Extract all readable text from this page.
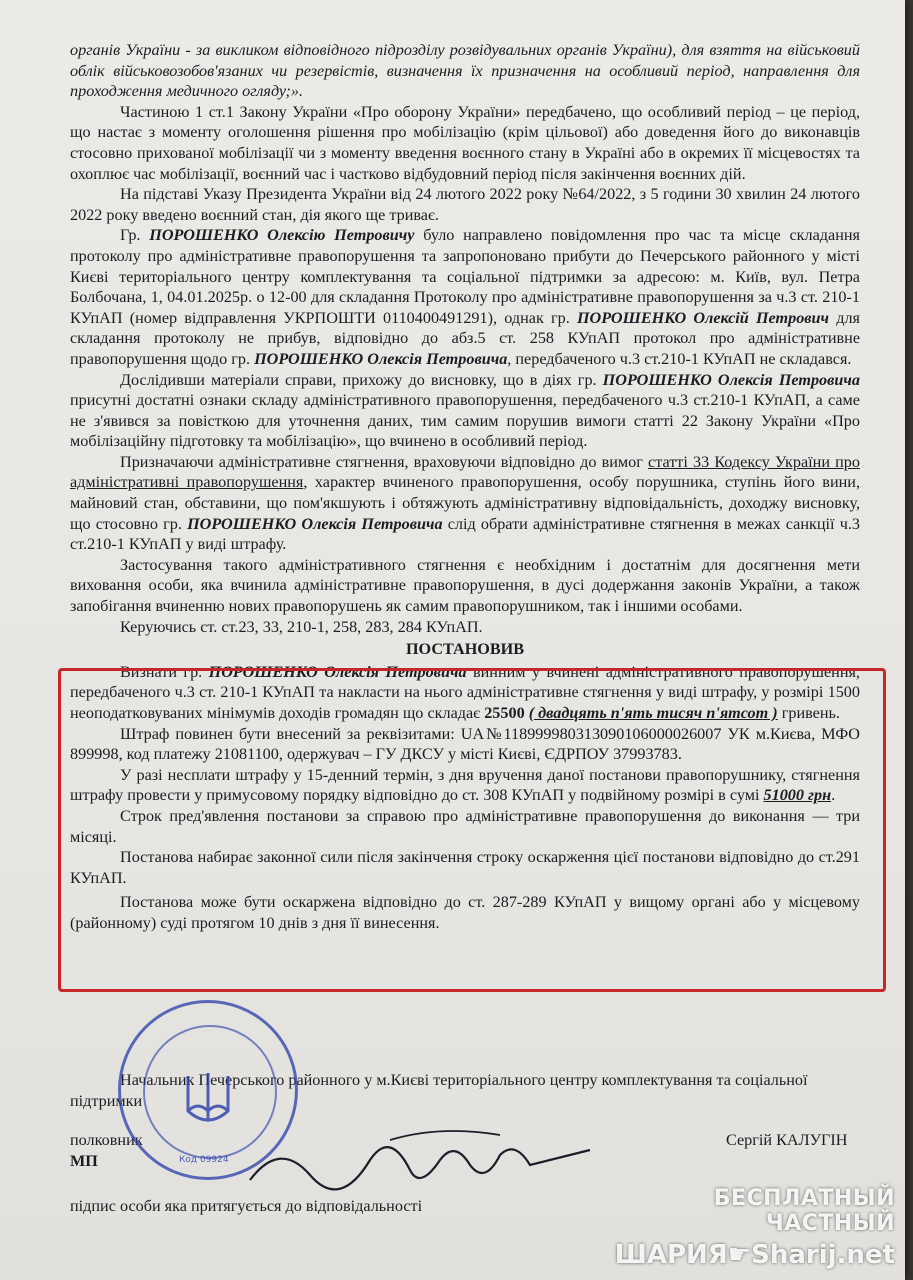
органів України - за викликом відповідного підрозділу розвідувальних органів України), для взяття на військовий облік військовозобов'язаних чи резервістів, визначення їх призначення на особливий період, направлення для проходження медичного огляду;».

Частиною 1 ст.1 Закону України «Про оборону України» передбачено, що особливий період – це період, що настає з моменту оголошення рішення про мобілізацію (крім цільової) або доведення його до виконавців стосовно прихованої мобілізації чи з моменту введення воєнного стану в Україні або в окремих її місцевостях та охоплює час мобілізації, воєнний час і частково відбудовний період після закінчення воєнних дій.

На підставі Указу Президента України від 24 лютого 2022 року №64/2022, з 5 години 30 хвилин 24 лютого 2022 року введено воєнний стан, дія якого ще триває.

Гр. ПОРОШЕНКО Олексію Петровичу було направлено повідомлення про час та місце складання протоколу про адміністративне правопорушення та запропоновано прибути до Печерського районного у місті Києві територіального центру комплектування та соціальної підтримки за адресою: м. Київ, вул. Петра Болбочана, 1, 04.01.2025р. о 12-00 для складання Протоколу про адміністративне правопорушення за ч.3 ст. 210-1 КУпАП (номер відправлення УКРПОШТИ 0110400491291), однак гр. ПОРОШЕНКО Олексій Петрович для складання протоколу не прибув, відповідно до абз.5 ст. 258 КУпАП протокол про адміністративне правопорушення щодо гр. ПОРОШЕНКО Олексія Петровича, передбаченого ч.3 ст.210-1 КУпАП не складався.

Дослідивши матеріали справи, прихожу до висновку, що в діях гр. ПОРОШЕНКО Олексія Петровича присутні достатні ознаки складу адміністративного правопорушення, передбаченого ч.3 ст.210-1 КУпАП, а саме не з'явився за повісткою для уточнення даних, тим самим порушив вимоги статті 22 Закону України «Про мобілізаційну підготовку та мобілізацію», що вчинено в особливий період.

Призначаючи адміністративне стягнення, враховуючи відповідно до вимог статті 33 Кодексу України про адміністративні правопорушення, характер вчиненого правопорушення, особу порушника, ступінь його вини, майновий стан, обставини, що пом'якшують і обтяжують адміністративну відповідальність, доходжу висновку, що стосовно гр. ПОРОШЕНКО Олексія Петровича слід обрати адміністративне стягнення в межах санкції ч.3 ст.210-1 КУпАП у виді штрафу.

Застосування такого адміністративного стягнення є необхідним і достатнім для досягнення мети виховання особи, яка вчинила адміністративне правопорушення, в дусі додержання законів України, а також запобігання вчиненню нових правопорушень як самим правопорушником, так і іншими особами.

Керуючись ст. ст.23, 33, 210-1, 258, 283, 284 КУпАП.

ПОСТАНОВИВ

Визнати гр. ПОРОШЕНКО Олексія Петровича винним у вчинені адміністративного правопорушення, передбаченого ч.3 ст. 210-1 КУпАП та накласти на нього адміністративне стягнення у виді штрафу, у розмірі 1500 неоподатковуваних мінімумів доходів громадян що складає 25500 ( двадцять п'ять тисяч п'ятсот ) гривень.

Штраф повинен бути внесений за реквізитами: UA№118999980313090106000026007 УК м.Києва, МФО 899998, код платежу 21081100, одержувач – ГУ ДКСУ у місті Києві, ЄДРПОУ 37993783.

У разі несплати штрафу у 15-денний термін, з дня вручення даної постанови правопорушнику, стягнення штрафу провести у примусовому порядку відповідно до ст. 308 КУпАП у подвійному розмірі в сумі 51000 грн.

Строк пред'явлення постанови за справою про адміністративне правопорушення до виконання — три місяці.

Постанова набирає законної сили після закінчення строку оскарження цієї постанови відповідно до ст.291 КУпАП.

Постанова може бути оскаржена відповідно до ст. 287-289 КУпАП у вищому органі або у місцевому (районному) суді протягом 10 днів з дня її винесення.

Начальник Печерського районного у м.Києві територіального центру комплектування та соціальної підтримки

полковник	Сергій КАЛУГІН
МП
підпис особи яка притягується до відповідальності
Код 09924
БЕСПЛАТНЫЙ ЧАСТНЫЙ
ШАРИЯ☛Sharij.net
